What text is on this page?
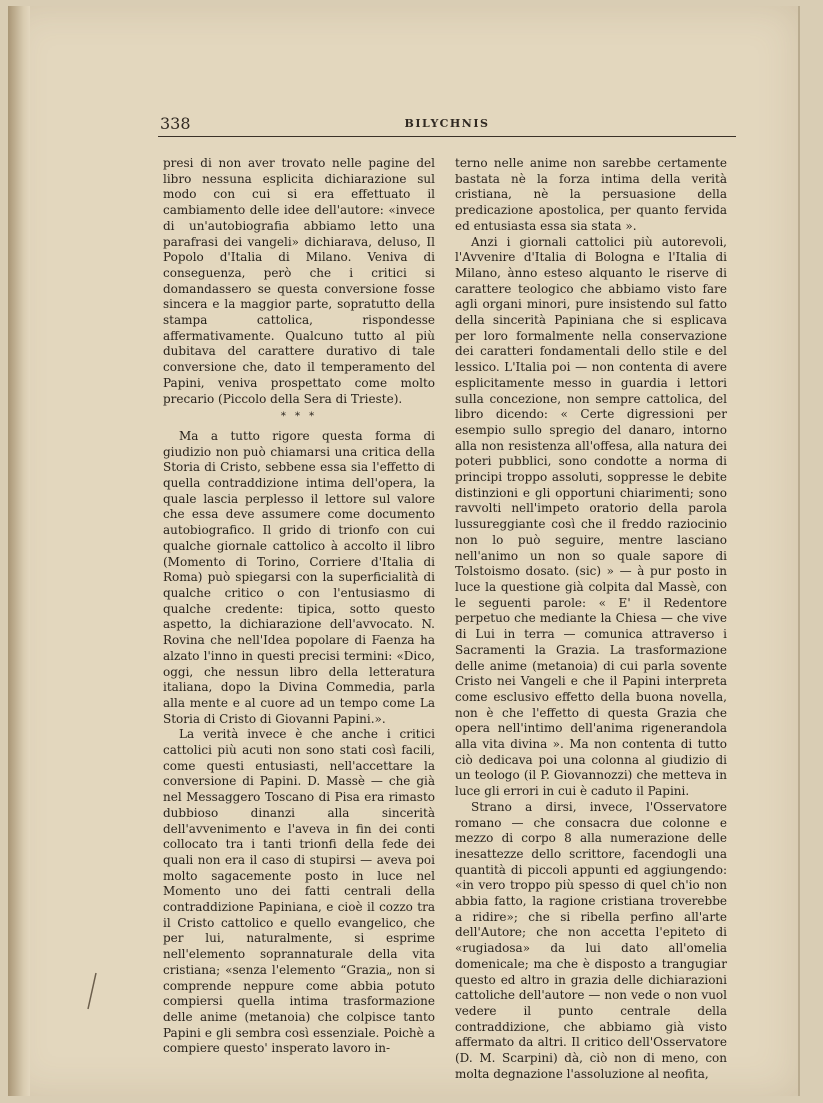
338	BILYCHNIS

presi di non aver trovato nelle pagine del libro nessuna esplicita dichiarazione sul modo con cui si era effettuato il cambiamento delle idee dell'autore: «invece di un'autobiografia abbiamo letto una parafrasi dei vangeli» dichiarava, deluso, Il Popolo d'Italia di Milano. Veniva di conseguenza, però che i critici si domandassero se questa conversione fosse sincera e la maggior parte, sopratutto della stampa cattolica, rispondesse affermativamente. Qualcuno tutto al più dubitava del carattere durativo di tale conversione che, dato il temperamento del Papini, veniva prospettato come molto precario (Piccolo della Sera di Trieste).

* * *

Ma a tutto rigore questa forma di giudizio non può chiamarsi una critica della Storia di Cristo, sebbene essa sia l'effetto di quella contraddizione intima dell'opera, la quale lascia perplesso il lettore sul valore che essa deve assumere come documento autobiografico. Il grido di trionfo con cui qualche giornale cattolico à accolto il libro (Momento di Torino, Corriere d'Italia di Roma) può spiegarsi con la superficialità di qualche critico o con l'entusiasmo di qualche credente: tipica, sotto questo aspetto, la dichiarazione dell'avvocato. N. Rovina che nell'Idea popolare di Faenza ha alzato l'inno in questi precisi termini: «Dico, oggi, che nessun libro della letteratura italiana, dopo la Divina Commedia, parla alla mente e al cuore ad un tempo come La Storia di Cristo di Giovanni Papini.».

La verità invece è che anche i critici cattolici più acuti non sono stati così facili, come questi entusiasti, nell'accettare la conversione di Papini. D. Massè — che già nel Messaggero Toscano di Pisa era rimasto dubbioso dinanzi alla sincerità dell'avvenimento e l'aveva in fin dei conti collocato tra i tanti trionfi della fede dei quali non era il caso di stupirsi — aveva poi molto sagacemente posto in luce nel Momento uno dei fatti centrali della contraddizione Papiniana, e cioè il cozzo tra il Cristo cattolico e quello evangelico, che per lui, naturalmente, si esprime nell'elemento soprannaturale della vita cristiana; «senza l'elemento “Grazia„ non si comprende neppure come abbia potuto compiersi quella intima trasformazione delle anime (metanoia) che colpisce tanto Papini e gli sembra così essenziale. Poichè a compiere questo' insperato lavoro in-

terno nelle anime non sarebbe certamente bastata nè la forza intima della verità cristiana, nè la persuasione della predicazione apostolica, per quanto fervida ed entusiasta essa sia stata ».

Anzi i giornali cattolici più autorevoli, l'Avvenire d'Italia di Bologna e l'Italia di Milano, ànno esteso alquanto le riserve di carattere teologico che abbiamo visto fare agli organi minori, pure insistendo sul fatto della sincerità Papiniana che si esplicava per loro formalmente nella conservazione dei caratteri fondamentali dello stile e del lessico. L'Italia poi — non contenta di avere esplicitamente messo in guardia i lettori sulla concezione, non sempre cattolica, del libro dicendo: « Certe digressioni per esempio sullo spregio del danaro, intorno alla non resistenza all'offesa, alla natura dei poteri pubblici, sono condotte a norma di principi troppo assoluti, soppresse le debite distinzioni e gli opportuni chiarimenti; sono ravvolti nell'impeto oratorio della parola lussureggiante così che il freddo raziocinio non lo può seguire, mentre lasciano nell'animo un non so quale sapore di Tolstoismo dosato. (sic) » — à pur posto in luce la questione già colpita dal Massè, con le seguenti parole: « E' il Redentore perpetuo che mediante la Chiesa — che vive di Lui in terra — comunica attraverso i Sacramenti la Grazia. La trasformazione delle anime (metanoia) di cui parla sovente Cristo nei Vangeli e che il Papini interpreta come esclusivo effetto della buona novella, non è che l'effetto di questa Grazia che opera nell'intimo dell'anima rigenerandola alla vita divina ». Ma non contenta di tutto ciò dedicava poi una colonna al giudizio di un teologo (il P. Giovannozzi) che metteva in luce gli errori in cui è caduto il Papini.

Strano a dirsi, invece, l'Osservatore romano — che consacra due colonne e mezzo di corpo 8 alla numerazione delle inesattezze dello scrittore, facendogli una quantità di piccoli appunti ed aggiungendo: «in vero troppo più spesso di quel ch'io non abbia fatto, la ragione cristiana troverebbe a ridire»; che si ribella perfino all'arte dell'Autore; che non accetta l'epiteto di «rugiadosa» da lui dato all'omelia domenicale; ma che è disposto a trangugiar questo ed altro in grazia delle dichiarazioni cattoliche dell'autore — non vede o non vuol vedere il punto centrale della contraddizione, che abbiamo già visto affermato da altri. Il critico dell'Osservatore (D. M. Scarpini) dà, ciò non di meno, con molta degnazione l'assoluzione al neofita,
